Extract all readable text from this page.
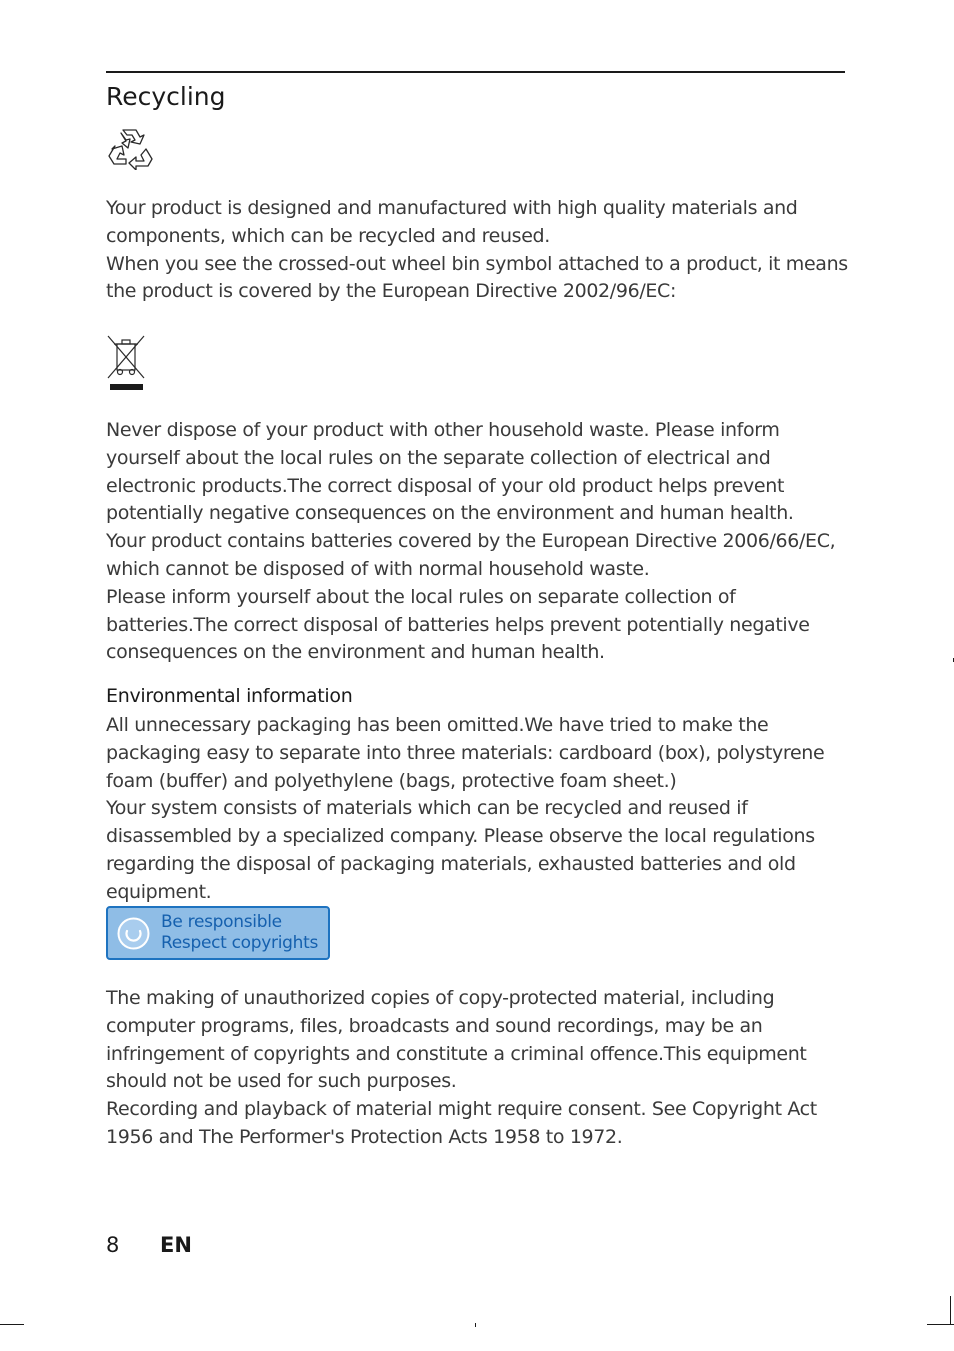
Recycling

Your product is designed and manufactured with high quality materials and components, which can be recycled and reused.

When you see the crossed-out wheel bin symbol attached to a product, it means the product is covered by the European Directive 2002/96/EC:

Never dispose of your product with other household waste. Please inform yourself about the local rules on the separate collection of electrical and electronic products.The correct disposal of your old product helps prevent potentially negative consequences on the environment and human health.

Your product contains batteries covered by the European Directive 2006/66/EC, which cannot be disposed of with normal household waste.

Please inform yourself about the local rules on separate collection of batteries.The correct disposal of batteries helps prevent potentially negative consequences on the environment and human health.

Environmental information

All unnecessary packaging has been omitted.We have tried to make the packaging easy to separate into three materials: cardboard (box), polystyrene foam (buffer) and polyethylene (bags, protective foam sheet.)

Your system consists of materials which can be recycled and reused if disassembled by a specialized company. Please observe the local regulations regarding the disposal of packaging materials, exhausted batteries and old equipment.

Be responsible
Respect copyrights

The making of unauthorized copies of copy-protected material, including computer programs, files, broadcasts and sound recordings, may be an infringement of copyrights and constitute a criminal offence.This equipment should not be used for such purposes.

Recording and playback of material might require consent. See Copyright Act 1956 and The Performer's Protection Acts 1958 to 1972.

8 EN
